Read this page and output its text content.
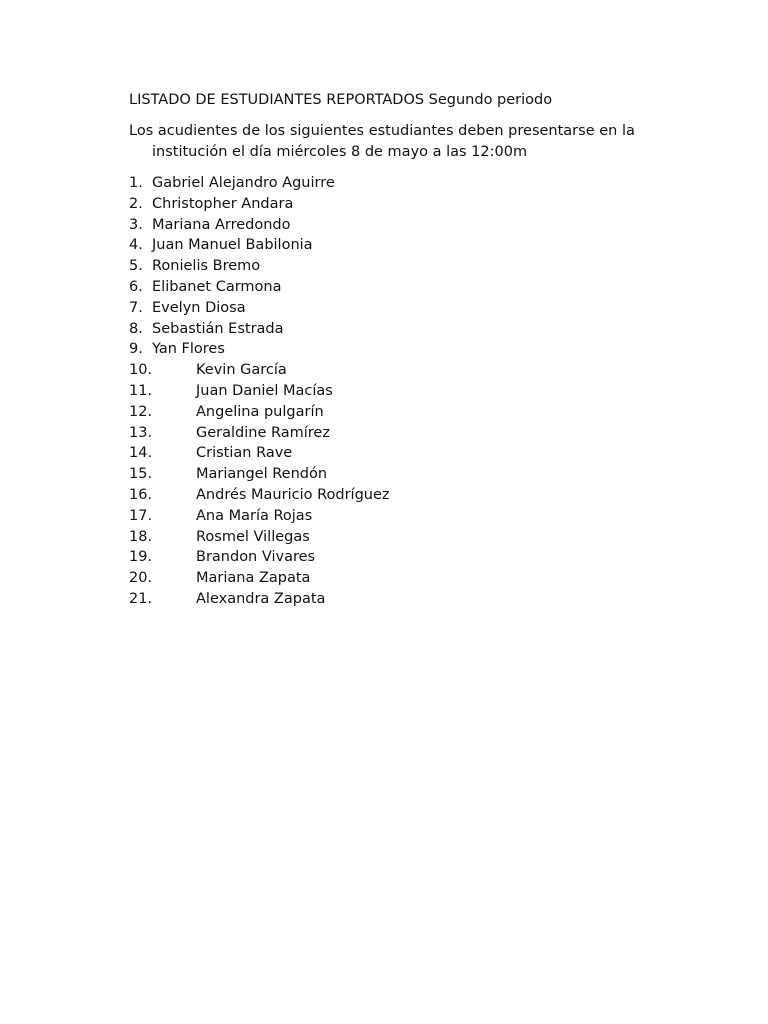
LISTADO DE ESTUDIANTES REPORTADOS Segundo periodo

Los acudientes de los siguientes estudiantes deben presentarse en la institución el día miércoles 8 de mayo a las 12:00m

1. Gabriel Alejandro Aguirre
2. Christopher Andara
3. Mariana Arredondo
4. Juan Manuel Babilonia
5. Ronielis Bremo
6. Elibanet Carmona
7. Evelyn Diosa
8. Sebastián Estrada
9. Yan Flores
10.	Kevin García
11.	Juan Daniel Macías
12.	Angelina pulgarín
13.	Geraldine Ramírez
14.	Cristian Rave
15.	Mariangel Rendón
16.	Andrés Mauricio Rodríguez
17.	Ana María Rojas
18.	Rosmel Villegas
19.	Brandon Vivares
20.	Mariana Zapata
21.	Alexandra Zapata
